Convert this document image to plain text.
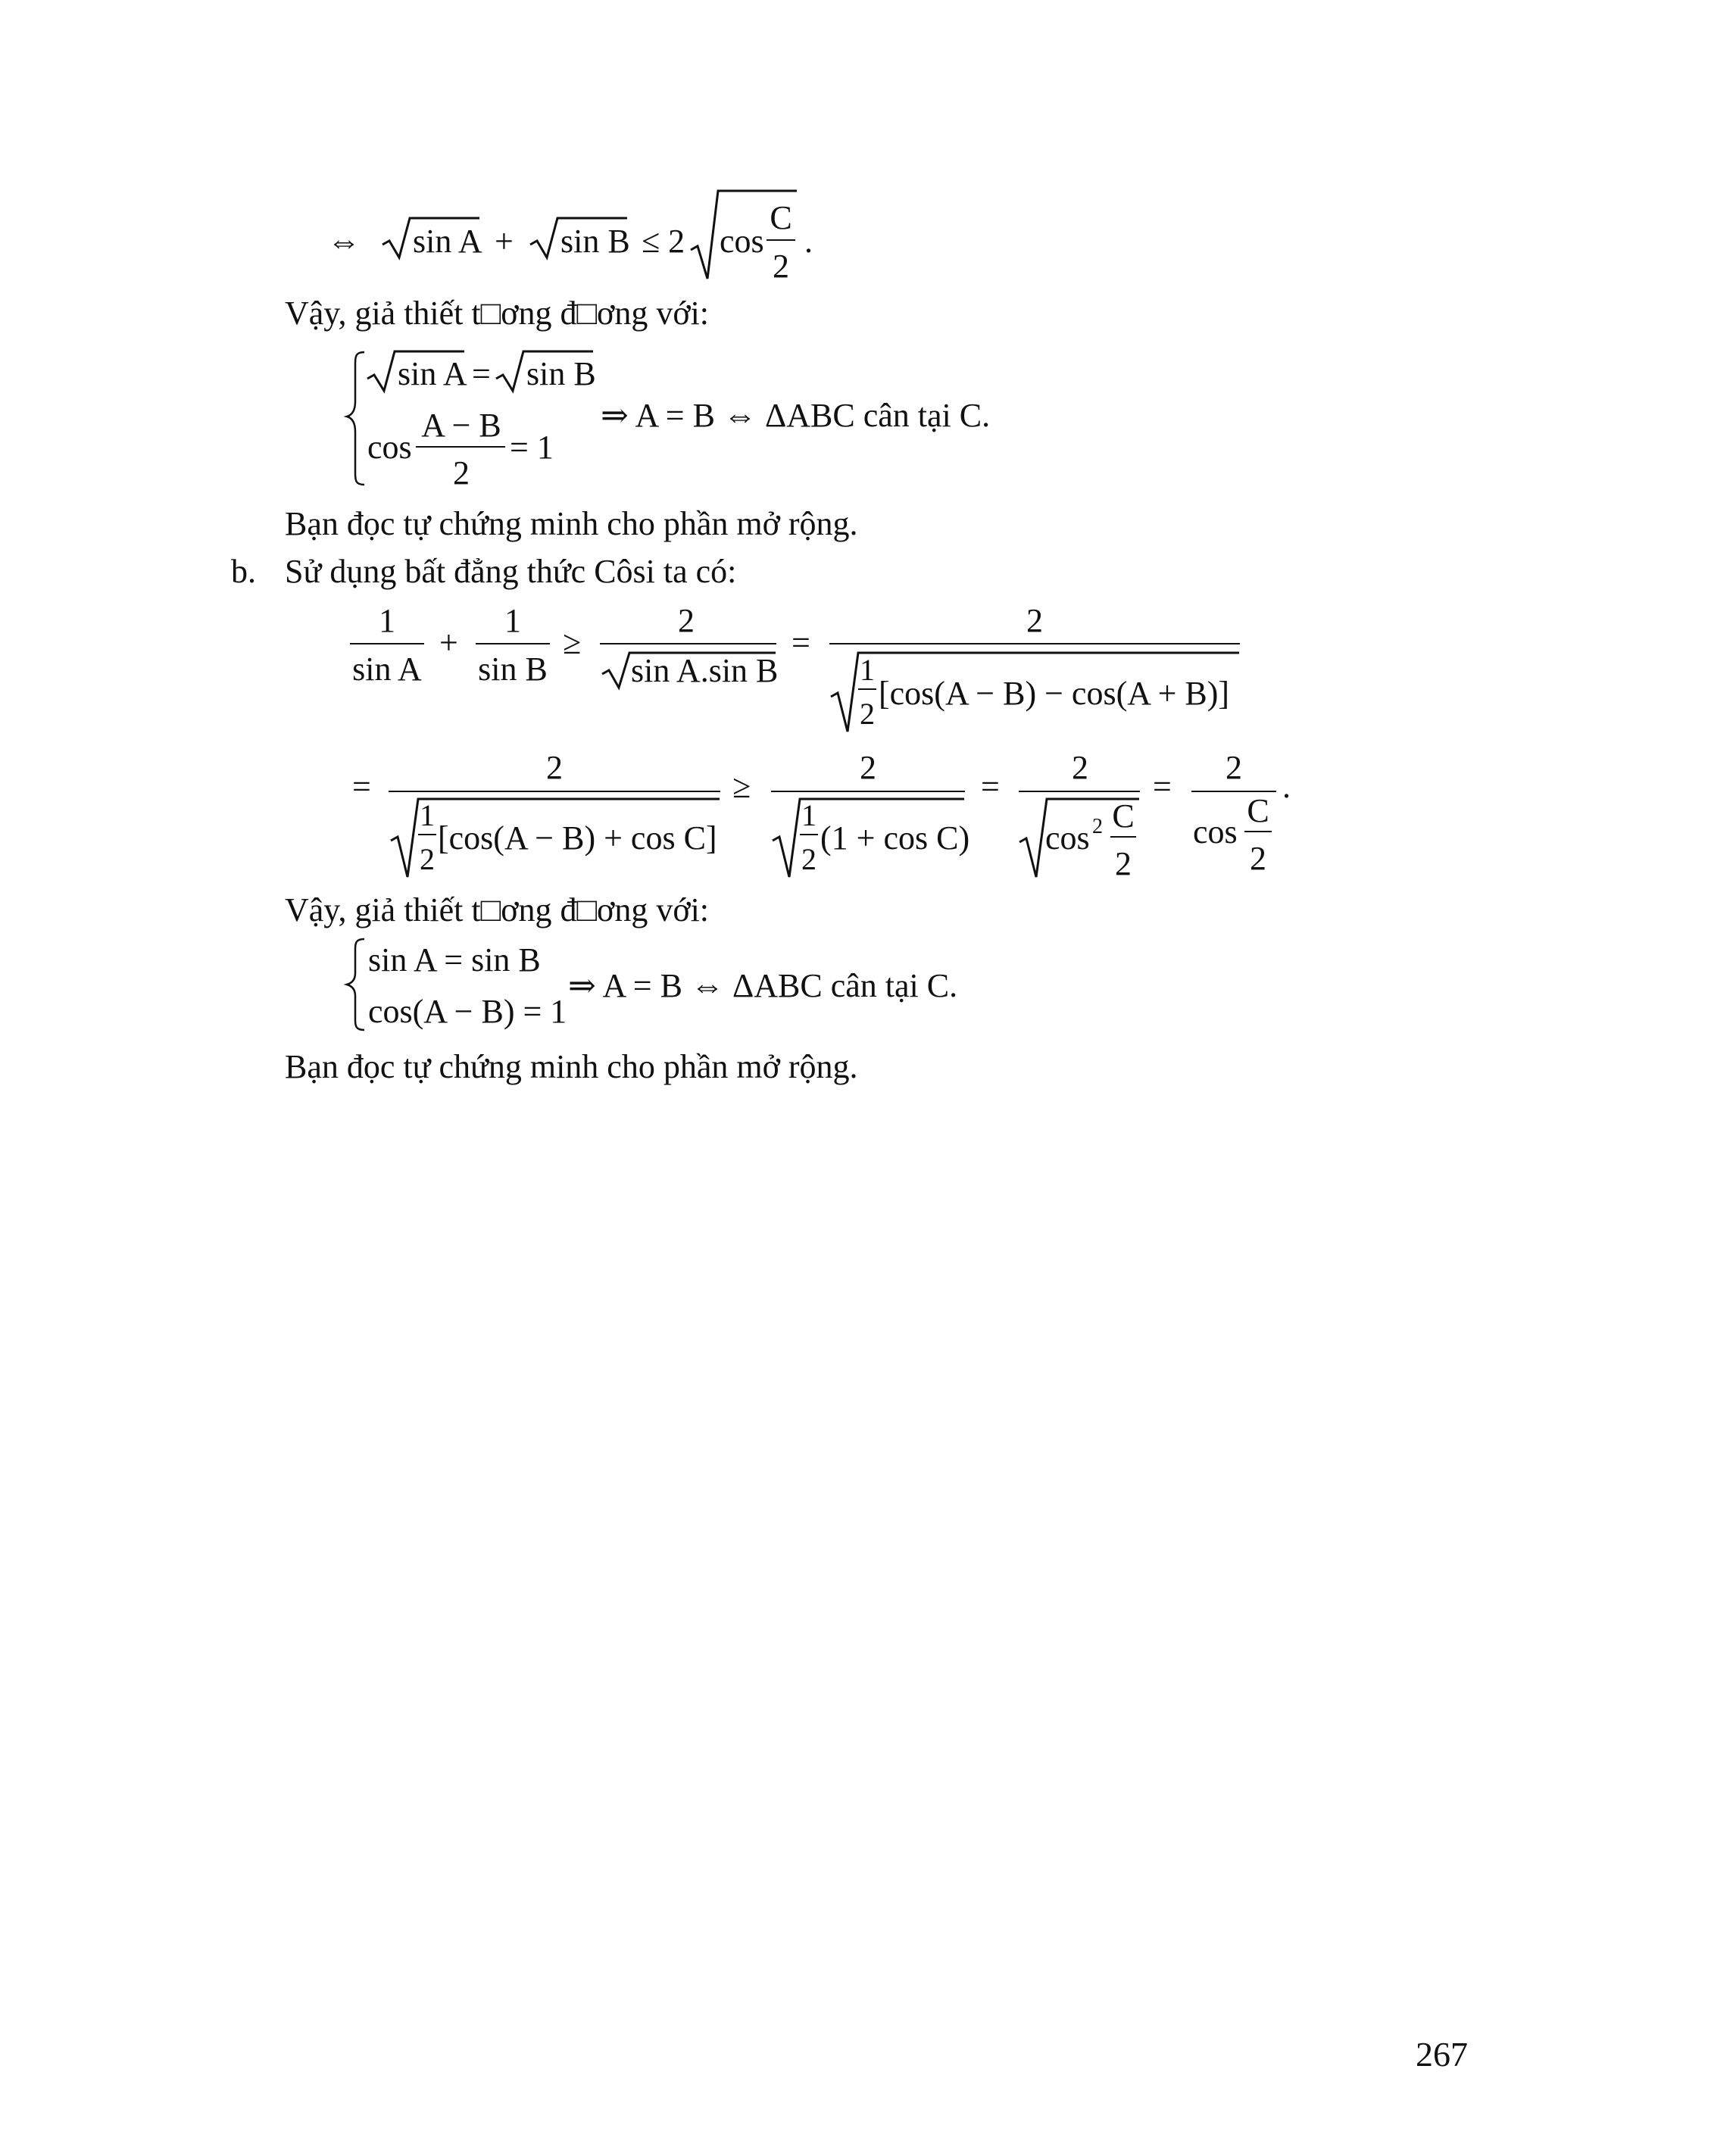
⇔ sin A + sin B ≤ 2 cos
C
2
.
sin A = sin B
cos
A − B
2
= 1
⇒ A = B ⇔ ΔABC cân tại C.
1
sin A
+
1
sin B
≥
2
sin A.sin B
=
2
1
2
[cos(A − B) − cos(A + B)]
=
2
1
2
[cos(A − B) + cos C]
≥
2
1
2
(1 + cos C)
=
2
cos 2 C
2
=
2
cos
C
2
.
sin A = sin B
cos(A − B) = 1
⇒ A = B ⇔ ΔABC cân tại C.

Vậy, giả thiết t□ơng đ□ơng với:

Bạn đọc tự chứng minh cho phần mở rộng.

b. Sử dụng bất đẳng thức Côsi ta có:

Vậy, giả thiết t□ơng đ□ơng với:

Bạn đọc tự chứng minh cho phần mở rộng.

267
